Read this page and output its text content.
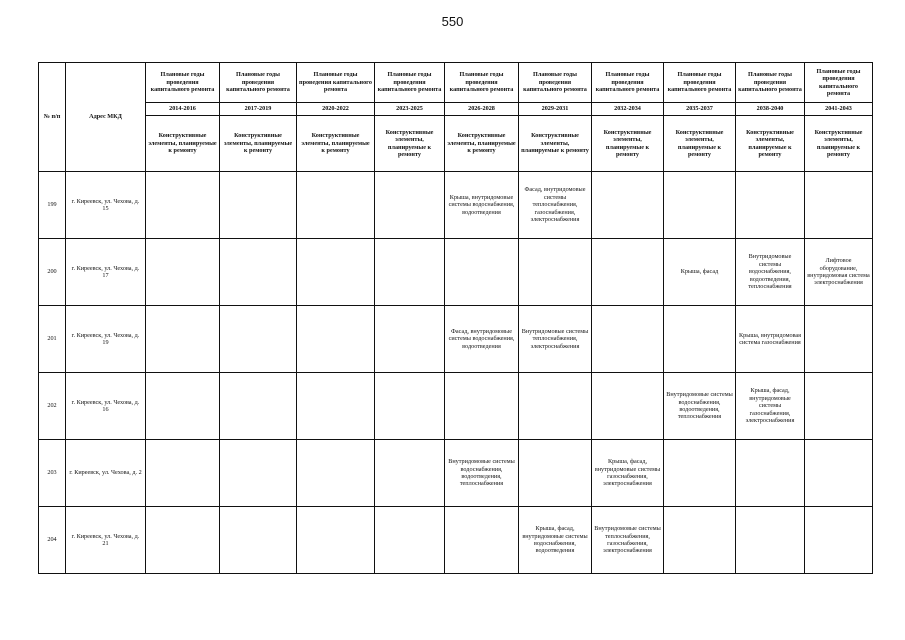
550
№ п/п	Адрес МКД	Плановые годы проведения капитального ремонта	Плановые годы проведения капитального ремонта	Плановые годы проведения капитального ремонта	Плановые годы проведения капитального ремонта	Плановые годы проведения капитального ремонта	Плановые годы проведения капитального ремонта	Плановые годы проведения капитального ремонта	Плановые годы проведения капитального ремонта	Плановые годы проведения капитального ремонта	Плановые годы проведения капитального ремонта
		2014-2016	2017-2019	2020-2022	2023-2025	2026-2028	2029-2031	2032-2034	2035-2037	2038-2040	2041-2043
		Конструктивные элементы, планируемые к ремонту	Конструктивные элементы, планируемые к ремонту	Конструктивные элементы, планируемые к ремонту	Конструктивные элементы, планируемые к ремонту	Конструктивные элементы, планируемые к ремонту	Конструктивные элементы, планируемые к ремонту	Конструктивные элементы, планируемые к ремонту	Конструктивные элементы, планируемые к ремонту	Конструктивные элементы, планируемые к ремонту	Конструктивные элементы, планируемые к ремонту
199	г. Киреевск, ул. Чехова, д. 15					Крыша, внутридомовые системы водоснабжения, водоотведения	Фасад, внутридомовые системы теплоснабжения, газоснабжения, электроснабжения				
200	г. Киреевск, ул. Чехова, д. 17								Крыша, фасад	Внутридомовые системы водоснабжения, водоотведения, теплоснабжения	Лифтовое оборудование, внутридомовая система электроснабжения
201	г. Киреевск, ул. Чехова, д. 19					Фасад, внутридомовые системы водоснабжения, водоотведения	Внутридомовые системы теплоснабжения, электроснабжения			Крыша, внутридомовая система газоснабжения	
202	г. Киреевск, ул. Чехова, д. 16								Внутридомовые системы водоснабжения, водоотведения, теплоснабжения	Крыша, фасад, внутридомовые системы газоснабжения, электроснабжения	
203	г. Киреевск, ул. Чехова, д. 2					Внутридомовые системы водоснабжения, водоотведения, теплоснабжения		Крыша, фасад, внутридомовые системы газоснабжения, электроснабжения			
204	г. Киреевск, ул. Чехова, д. 21						Крыша, фасад, внутридомовые системы водоснабжения, водоотведения	Внутридомовые системы теплоснабжения, газоснабжения, электроснабжения			
